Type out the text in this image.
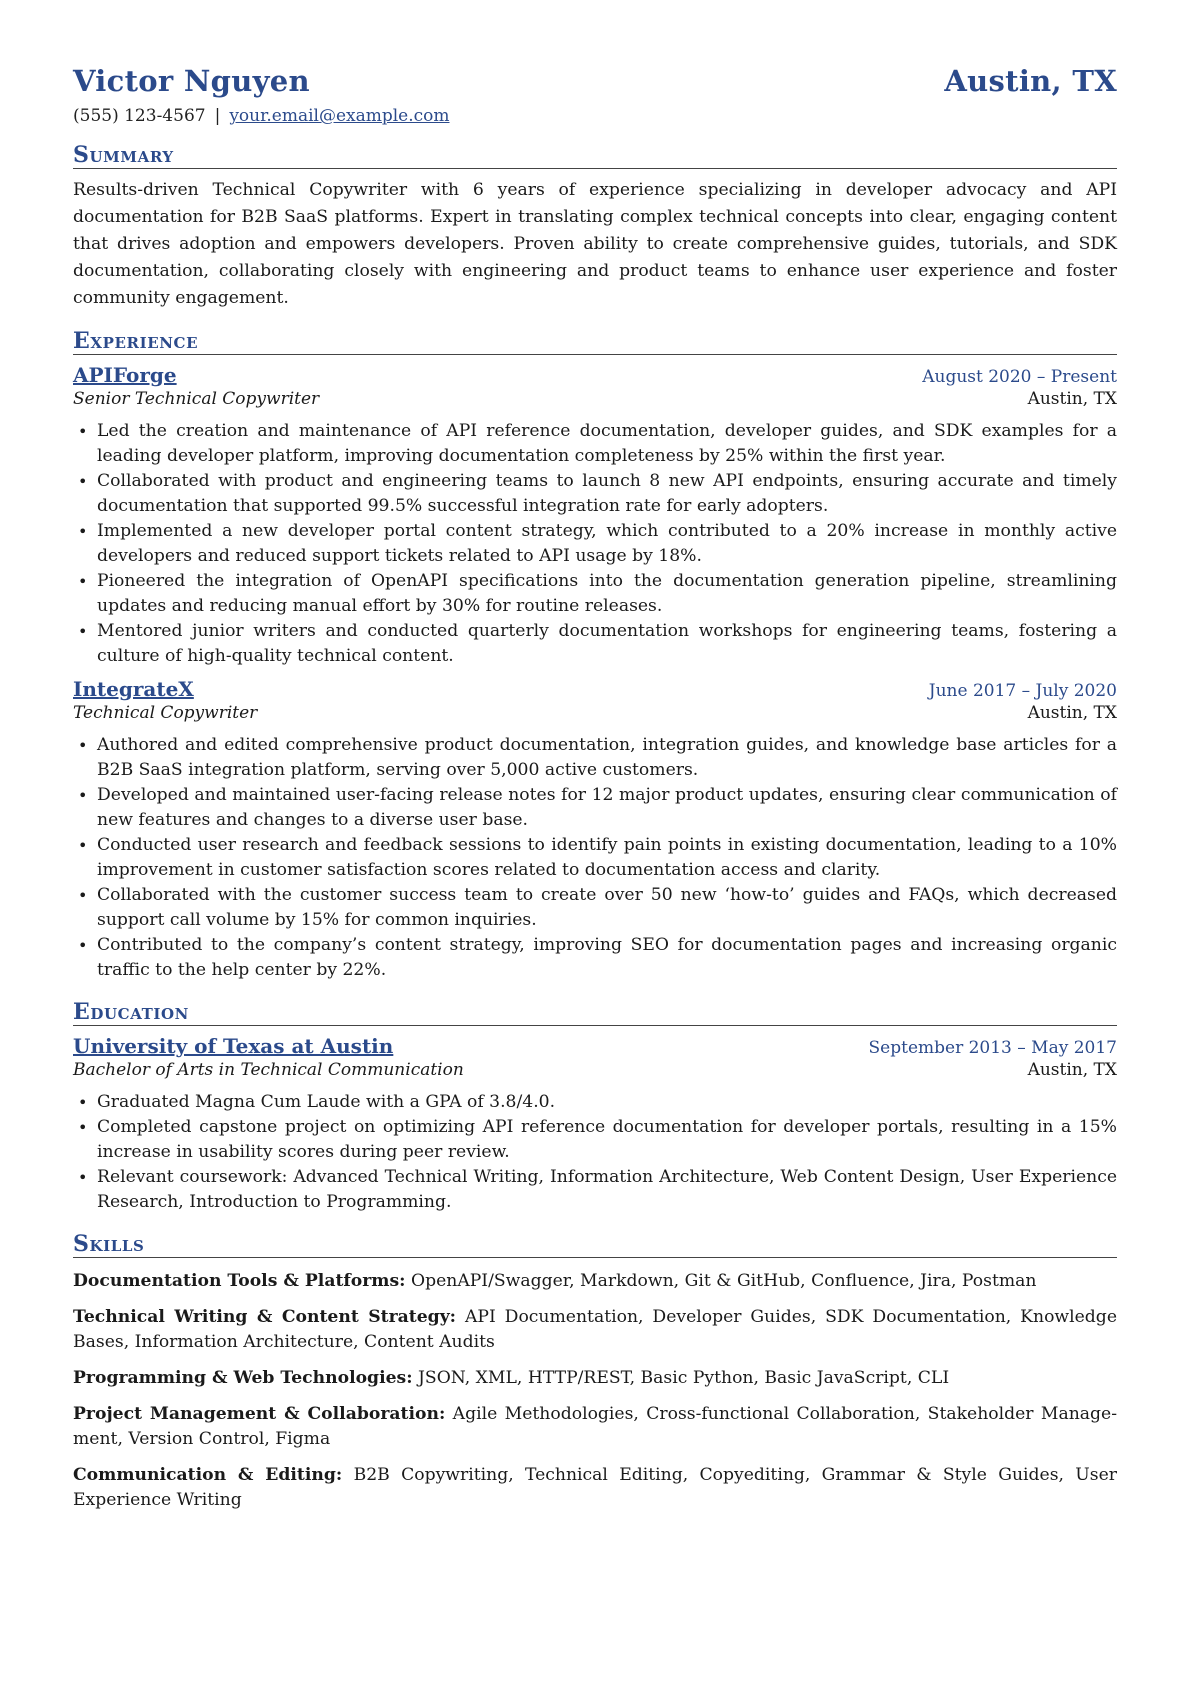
Victor Nguyen	Austin, TX
(555) 123-4567 | your.email@example.com
Summary
Results-driven Technical Copywriter with 6 years of experience specializing in developer advocacy and API documentation for B2B SaaS platforms. Expert in translating complex technical concepts into clear, engaging content that drives adoption and empowers developers. Proven ability to create comprehensive guides, tutorials, and SDK documentation, collaborating closely with engineering and product teams to enhance user experience and foster community engagement.
Experience
APIForge	August 2020 – Present
Senior Technical Copywriter	Austin, TX
• Led the creation and maintenance of API reference documentation, developer guides, and SDK examples for a leading developer platform, improving documentation completeness by 25% within the first year.
• Collaborated with product and engineering teams to launch 8 new API endpoints, ensuring accurate and timely documentation that supported 99.5% successful integration rate for early adopters.
• Implemented a new developer portal content strategy, which contributed to a 20% increase in monthly active developers and reduced support tickets related to API usage by 18%.
• Pioneered the integration of OpenAPI specifications into the documentation generation pipeline, streamlining updates and reducing manual effort by 30% for routine releases.
• Mentored junior writers and conducted quarterly documentation workshops for engineering teams, fostering a culture of high-quality technical content.
IntegrateX	June 2017 – July 2020
Technical Copywriter	Austin, TX
• Authored and edited comprehensive product documentation, integration guides, and knowledge base articles for a B2B SaaS integration platform, serving over 5,000 active customers.
• Developed and maintained user-facing release notes for 12 major product updates, ensuring clear communication of new features and changes to a diverse user base.
• Conducted user research and feedback sessions to identify pain points in existing documentation, leading to a 10% improvement in customer satisfaction scores related to documentation access and clarity.
• Collaborated with the customer success team to create over 50 new ‘how-to’ guides and FAQs, which decreased support call volume by 15% for common inquiries.
• Contributed to the company’s content strategy, improving SEO for documentation pages and increasing organic traffic to the help center by 22%.
Education
University of Texas at Austin	September 2013 – May 2017
Bachelor of Arts in Technical Communication	Austin, TX
• Graduated Magna Cum Laude with a GPA of 3.8/4.0.
• Completed capstone project on optimizing API reference documentation for developer portals, resulting in a 15% increase in usability scores during peer review.
• Relevant coursework: Advanced Technical Writing, Information Architecture, Web Content Design, User Experience Research, Introduction to Programming.
Skills
Documentation Tools & Platforms: OpenAPI/Swagger, Markdown, Git & GitHub, Confluence, Jira, Postman
Technical Writing & Content Strategy: API Documentation, Developer Guides, SDK Documentation, Knowledge Bases, Information Architecture, Content Audits
Programming & Web Technologies: JSON, XML, HTTP/REST, Basic Python, Basic JavaScript, CLI
Project Management & Collaboration: Agile Methodologies, Cross-functional Collaboration, Stakeholder Manage-ment, Version Control, Figma
Communication & Editing: B2B Copywriting, Technical Editing, Copyediting, Grammar & Style Guides, User Experience Writing
